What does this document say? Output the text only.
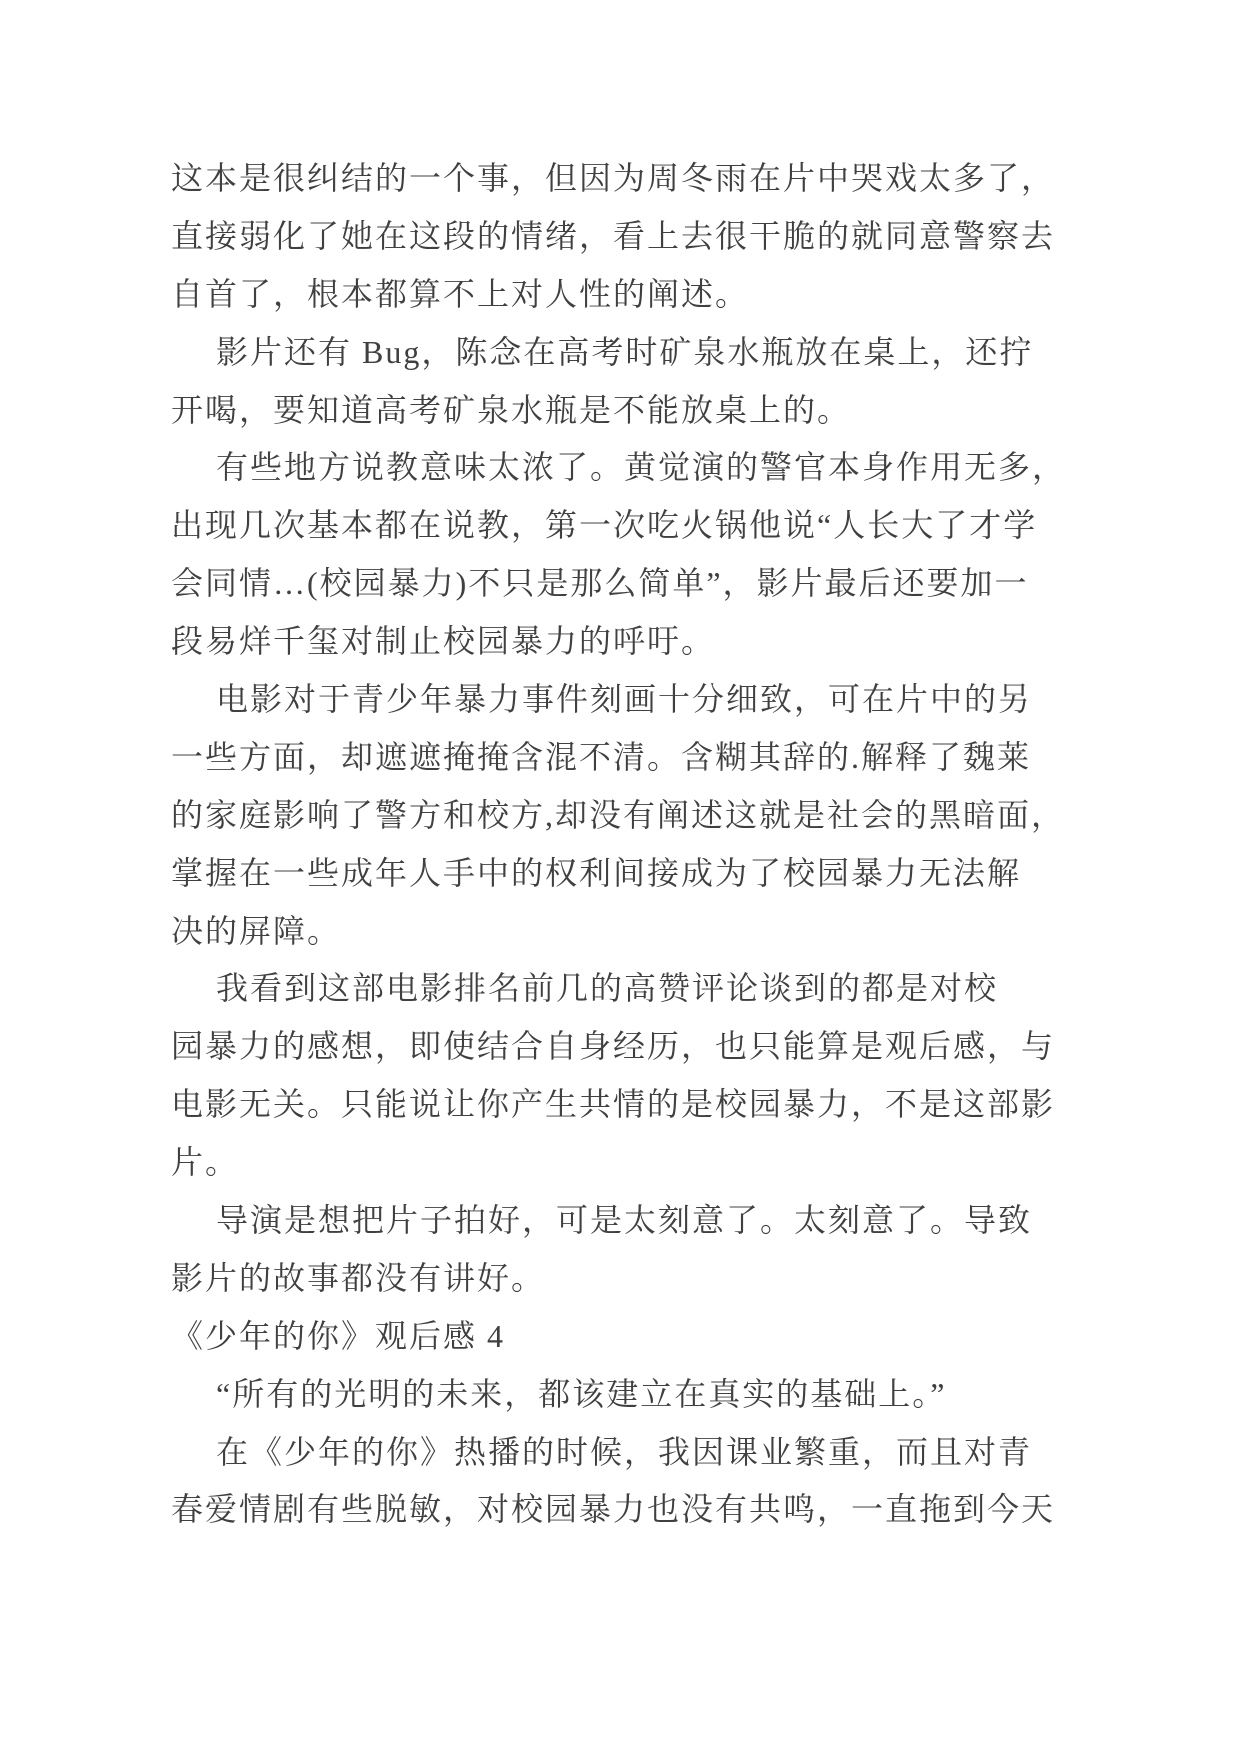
这本是很纠结的一个事，但因为周冬雨在片中哭戏太多了，
直接弱化了她在这段的情绪，看上去很干脆的就同意警察去
自首了，根本都算不上对人性的阐述。
影片还有 Bug，陈念在高考时矿泉水瓶放在桌上，还拧
开喝，要知道高考矿泉水瓶是不能放桌上的。
有些地方说教意味太浓了。黄觉演的警官本身作用无多，
出现几次基本都在说教，第一次吃火锅他说“人长大了才学
会同情…(校园暴力)不只是那么简单”，影片最后还要加一
段易烊千玺对制止校园暴力的呼吁。
电影对于青少年暴力事件刻画十分细致，可在片中的另
一些方面，却遮遮掩掩含混不清。含糊其辞的.解释了魏莱
的家庭影响了警方和校方,却没有阐述这就是社会的黑暗面，
掌握在一些成年人手中的权利间接成为了校园暴力无法解
决的屏障。
我看到这部电影排名前几的高赞评论谈到的都是对校
园暴力的感想，即使结合自身经历，也只能算是观后感，与
电影无关。只能说让你产生共情的是校园暴力，不是这部影
片。
导演是想把片子拍好，可是太刻意了。太刻意了。导致
影片的故事都没有讲好。
《少年的你》观后感 4
“所有的光明的未来，都该建立在真实的基础上。”
在《少年的你》热播的时候，我因课业繁重，而且对青
春爱情剧有些脱敏，对校园暴力也没有共鸣，一直拖到今天
